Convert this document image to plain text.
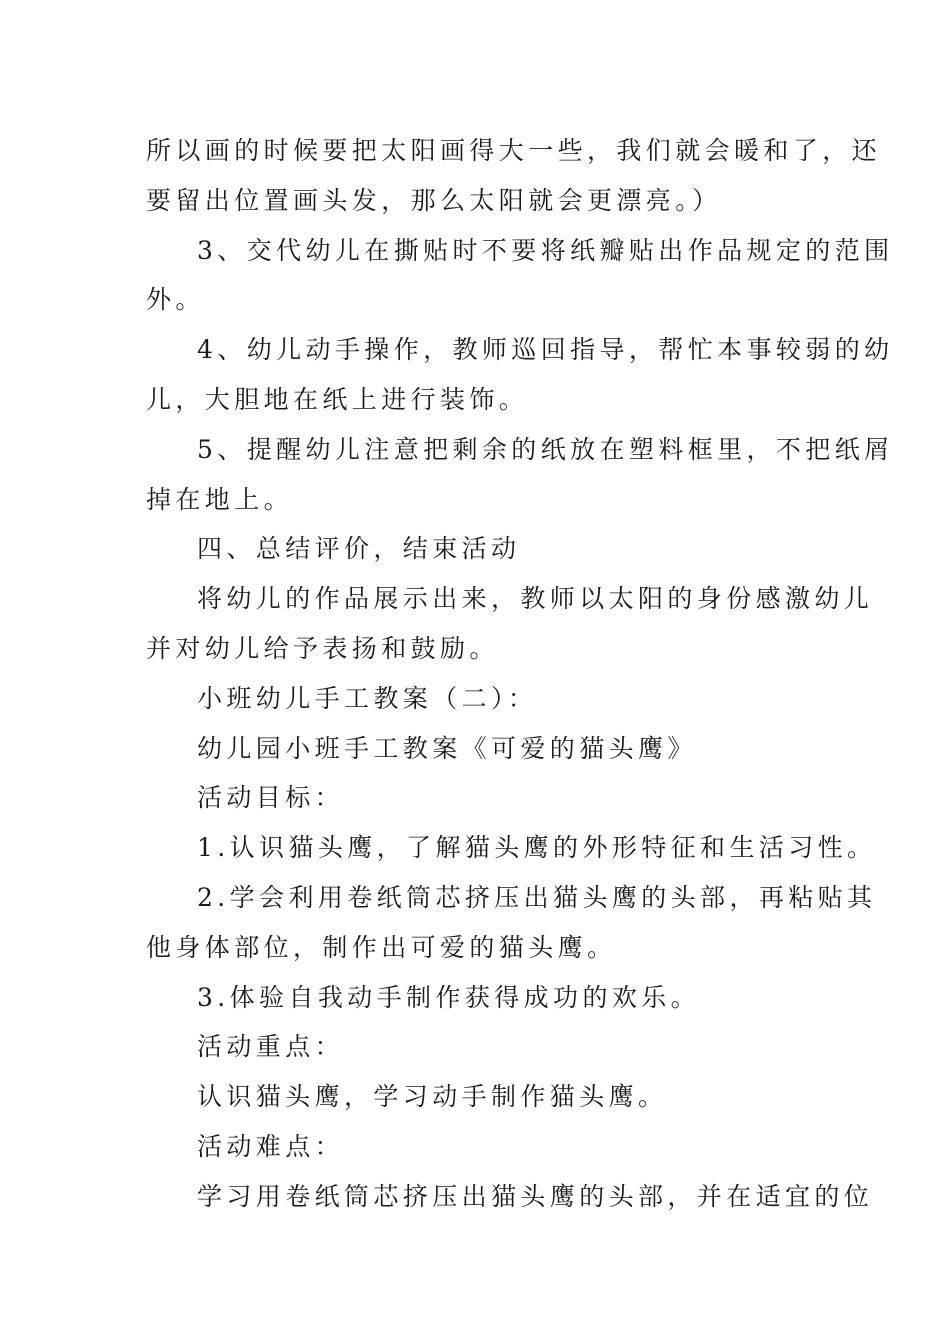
所以画的时候要把太阳画得大一些，我们就会暖和了，还
要留出位置画头发，那么太阳就会更漂亮。）
3、交代幼儿在撕贴时不要将纸瓣贴出作品规定的范围
外。
4、幼儿动手操作，教师巡回指导，帮忙本事较弱的幼
儿，大胆地在纸上进行装饰。
5、提醒幼儿注意把剩余的纸放在塑料框里，不把纸屑
掉在地上。
四、总结评价，结束活动
将幼儿的作品展示出来，教师以太阳的身份感激幼儿
并对幼儿给予表扬和鼓励。
小班幼儿手工教案（二）：
幼儿园小班手工教案《可爱的猫头鹰》
活动目标：
1.认识猫头鹰，了解猫头鹰的外形特征和生活习性。
2.学会利用卷纸筒芯挤压出猫头鹰的头部，再粘贴其
他身体部位，制作出可爱的猫头鹰。
3.体验自我动手制作获得成功的欢乐。
活动重点：
认识猫头鹰，学习动手制作猫头鹰。
活动难点：
学习用卷纸筒芯挤压出猫头鹰的头部，并在适宜的位
